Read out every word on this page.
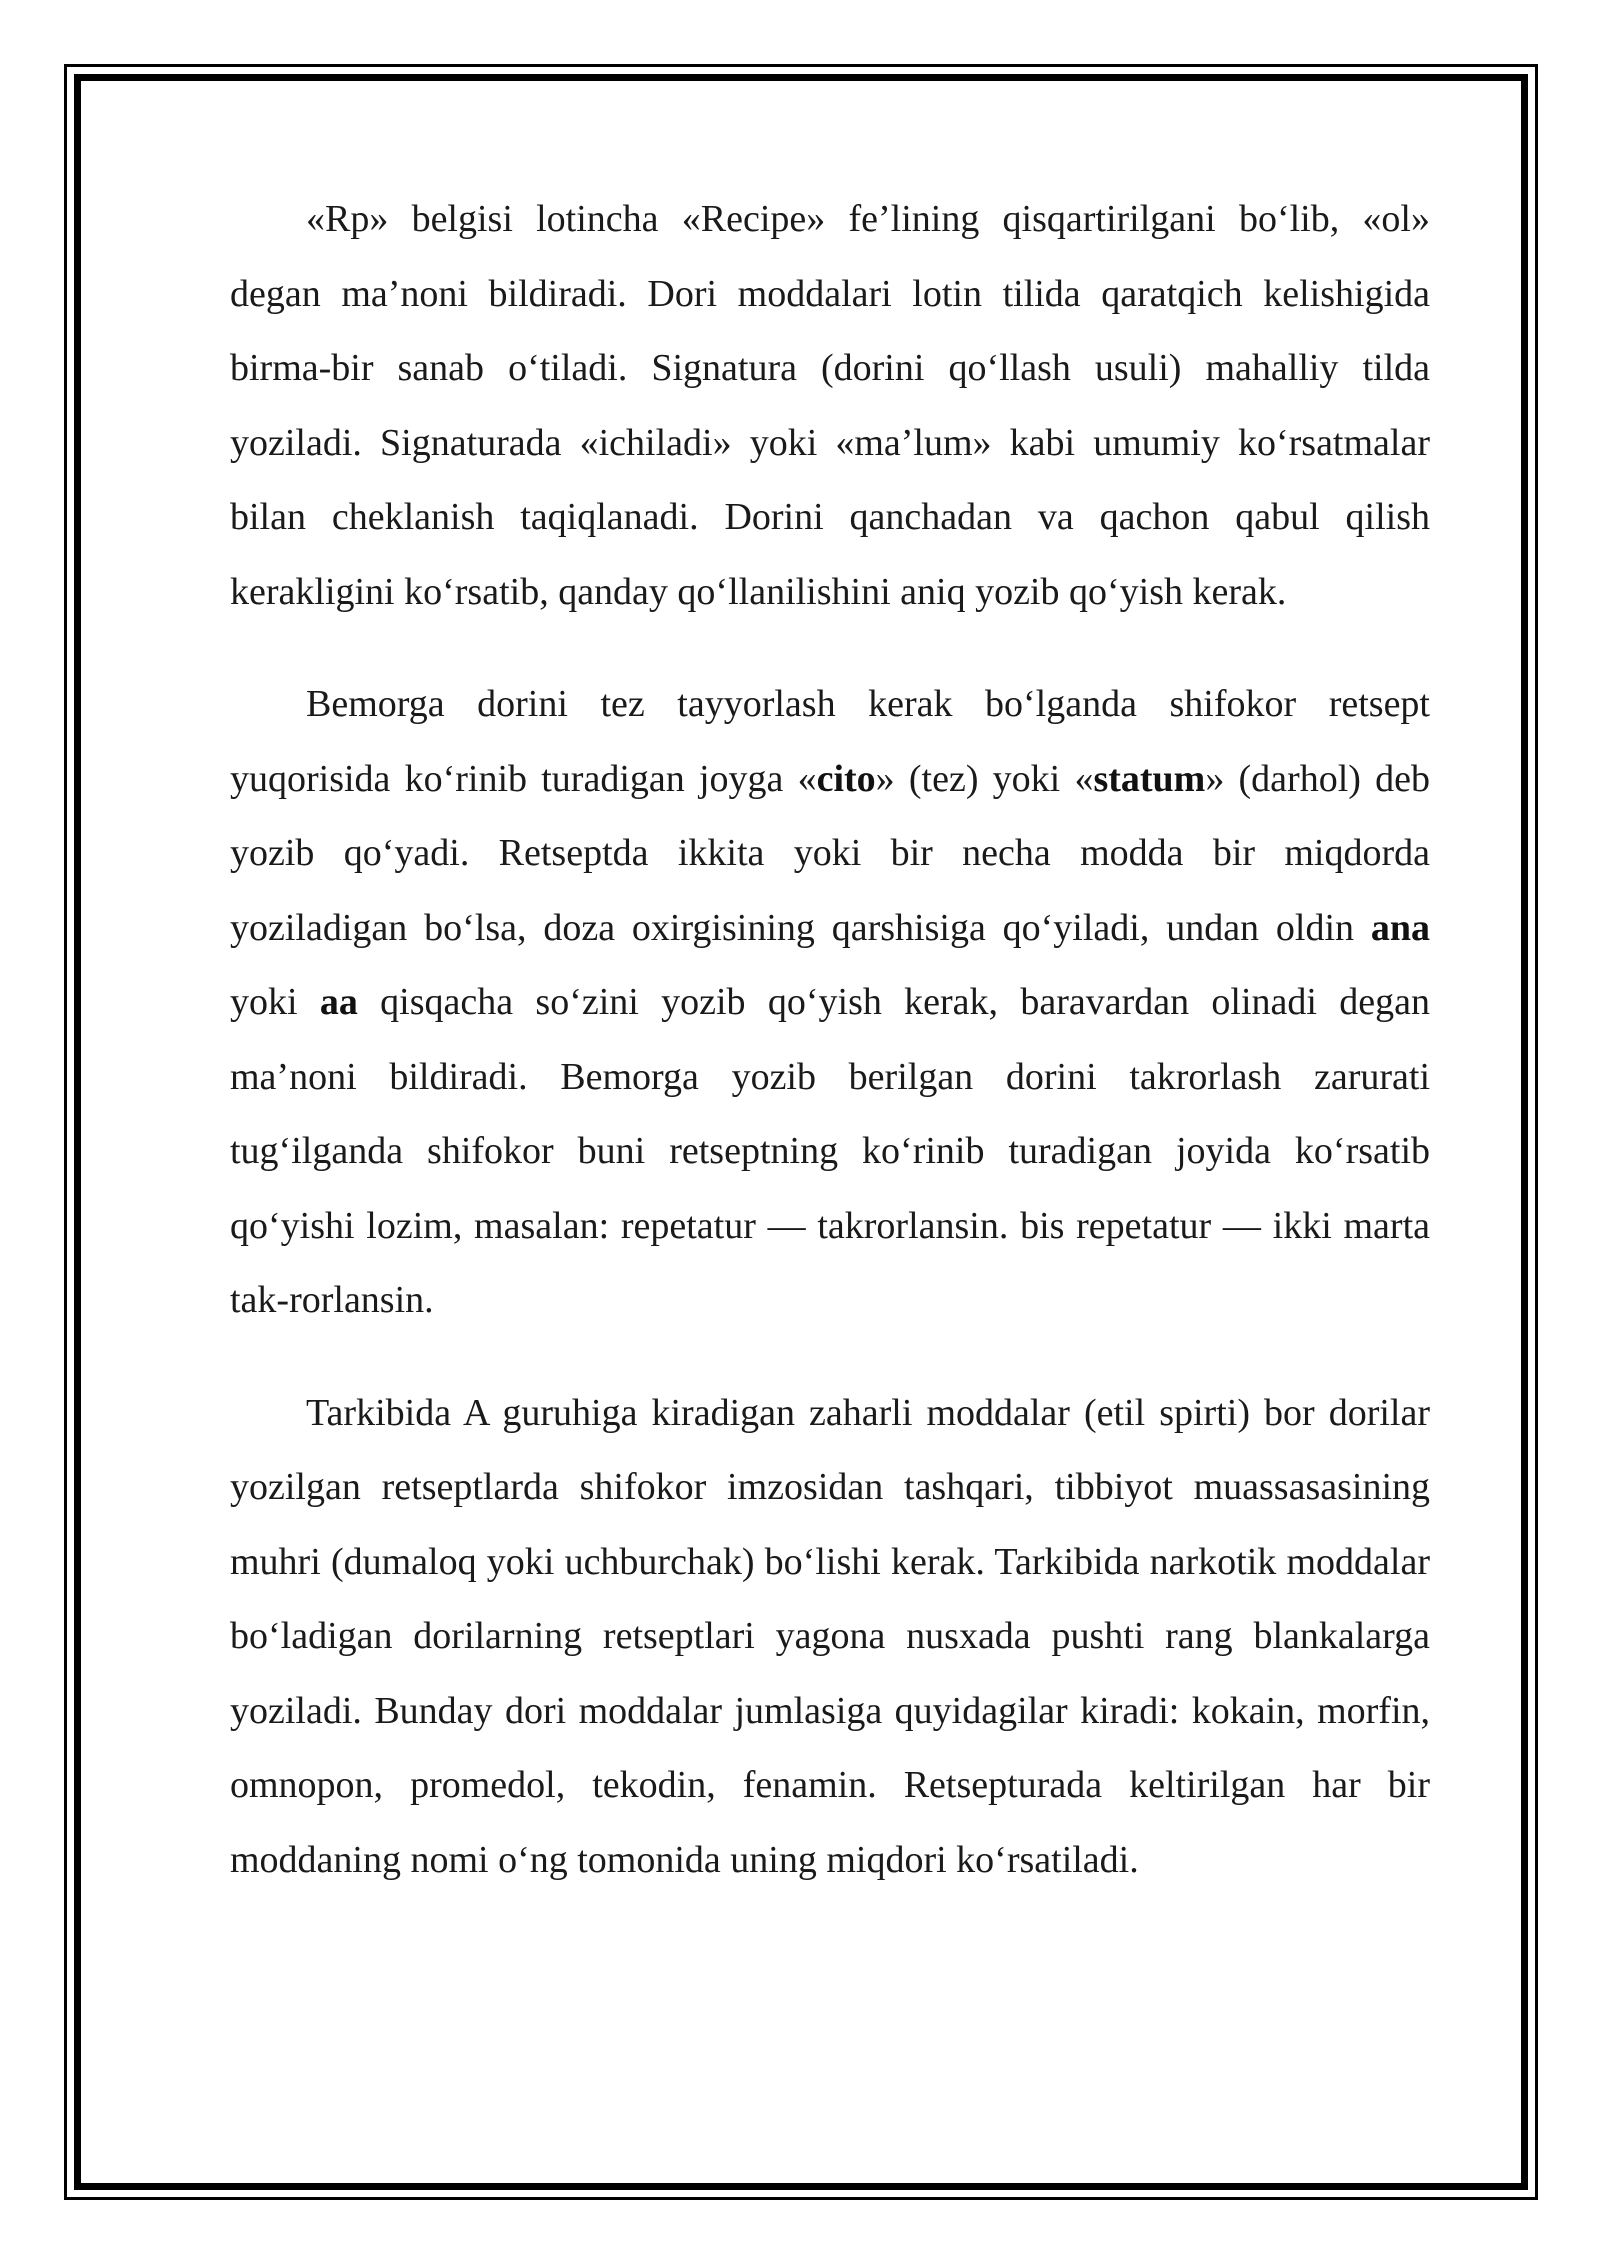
«Rp» belgisi lotincha «Recipe» fe’lining qisqartirilgani bo‘lib, «ol» degan ma’noni bildiradi. Dori moddalari lotin tilida qaratqich kelishigida birma-bir sanab o‘tiladi. Signatura (dorini qo‘llash usuli) mahalliy tilda yoziladi. Signaturada «ichiladi» yoki «ma’lum» kabi umumiy ko‘rsatmalar bilan cheklanish taqiqlanadi. Dorini qanchadan va qachon qabul qilish kerakligini ko‘rsatib, qanday qo‘llanilishini aniq yozib qo‘yish kerak.

Bemorga dorini tez tayyorlash kerak bo‘lganda shifokor retsept yuqorisida ko‘rinib turadigan joyga «cito» (tez) yoki «statum» (darhol) deb yozib qo‘yadi. Retseptda ikkita yoki bir necha modda bir miqdorda yoziladigan bo‘lsa, doza oxirgisining qarshisiga qo‘yiladi, undan oldin ana yoki aa qisqacha so‘zini yozib qo‘yish kerak, baravardan olinadi degan ma’noni bildiradi. Bemorga yozib berilgan dorini takrorlash zarurati tug‘ilganda shifokor buni retseptning ko‘rinib turadigan joyida ko‘rsatib qo‘yishi lozim, masalan: repetatur — takrorlansin. bis repetatur — ikki marta tak-rorlansin.

Tarkibida A guruhiga kiradigan zaharli moddalar (etil spirti) bor dorilar yozilgan retseptlarda shifokor imzosidan tashqari, tibbiyot muassasasining muhri (dumaloq yoki uchburchak) bo‘lishi kerak. Tarkibida narkotik moddalar bo‘ladigan dorilarning retseptlari yagona nusxada pushti rang blankalarga yoziladi. Bunday dori moddalar jumlasiga quyidagilar kiradi: kokain, morfin, omnopon, promedol, tekodin, fenamin. Retsepturada keltirilgan har bir moddaning nomi o‘ng tomonida uning miqdori ko‘rsatiladi.
